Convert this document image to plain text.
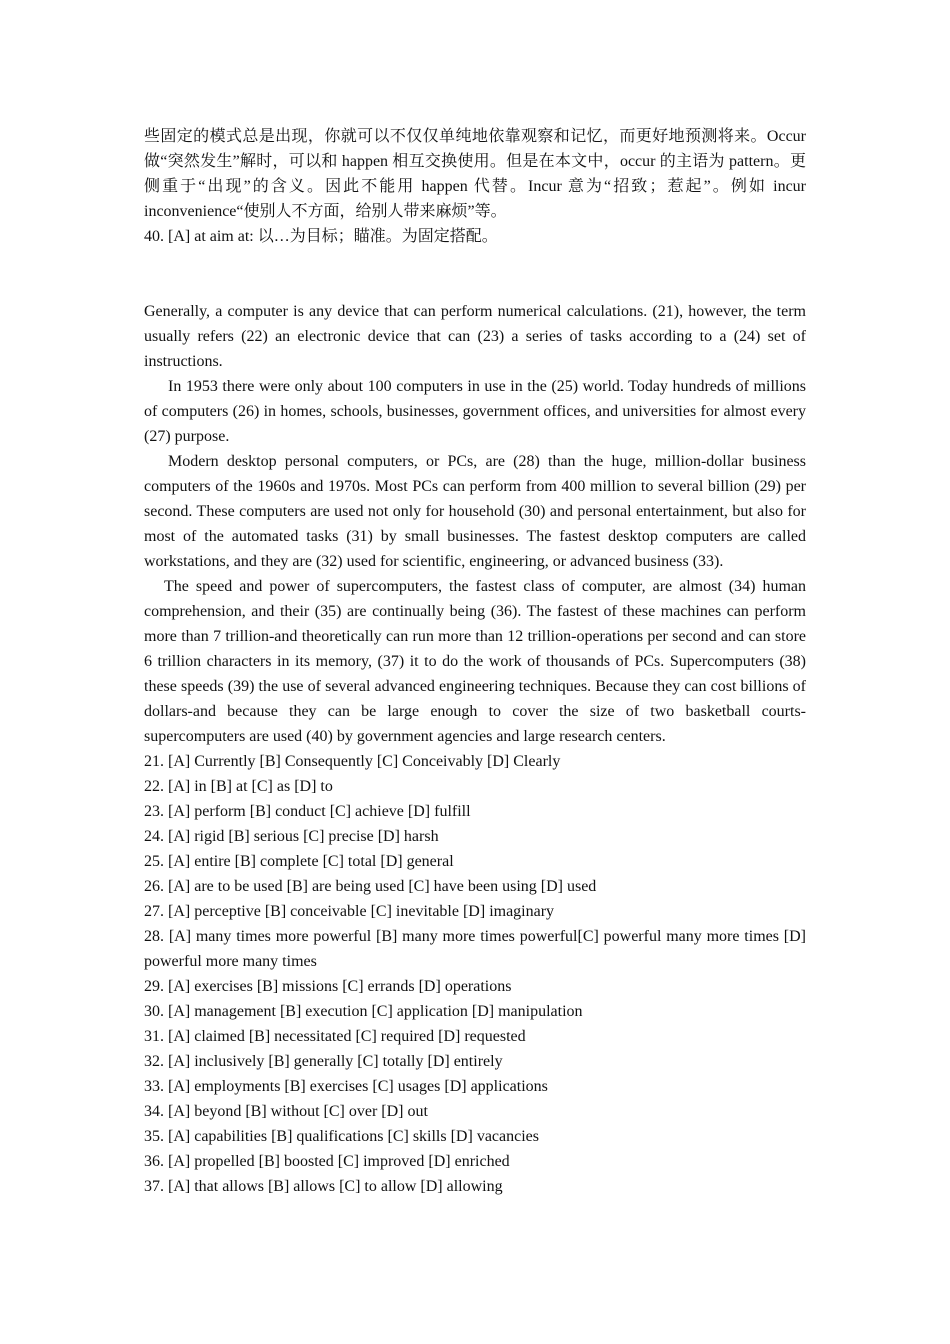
些固定的模式总是出现，你就可以不仅仅单纯地依靠观察和记忆，而更好地预测将来。Occur 做“突然发生”解时，可以和 happen 相互交换使用。但是在本文中，occur 的主语为 pattern。更侧重于“出现”的含义。因此不能用 happen 代替。Incur 意为“招致；惹起”。例如 incur inconvenience“使别人不方面，给别人带来麻烦”等。

40. [A] at aim at: 以…为目标；瞄准。为固定搭配。

Generally, a computer is any device that can perform numerical calculations. (21), however, the term usually refers (22) an electronic device that can (23) a series of tasks according to a (24) set of instructions.

In 1953 there were only about 100 computers in use in the (25) world. Today hundreds of millions of computers (26) in homes, schools, businesses, government offices, and universities for almost every (27) purpose.

Modern desktop personal computers, or PCs, are (28) than the huge, million-dollar business computers of the 1960s and 1970s. Most PCs can perform from 400 million to several billion (29) per second. These computers are used not only for household (30) and personal entertainment, but also for most of the automated tasks (31) by small businesses. The fastest desktop computers are called workstations, and they are (32) used for scientific, engineering, or advanced business (33).

The speed and power of supercomputers, the fastest class of computer, are almost (34) human comprehension, and their (35) are continually being (36). The fastest of these machines can perform more than 7 trillion-and theoretically can run more than 12 trillion-operations per second and can store 6 trillion characters in its memory, (37) it to do the work of thousands of PCs. Supercomputers (38) these speeds (39) the use of several advanced engineering techniques. Because they can cost billions of dollars-and because they can be large enough to cover the size of two basketball courts-supercomputers are used (40) by government agencies and large research centers.

21. [A] Currently [B] Consequently [C] Conceivably [D] Clearly

22. [A] in [B] at [C] as [D] to

23. [A] perform [B] conduct [C] achieve [D] fulfill

24. [A] rigid [B] serious [C] precise [D] harsh

25. [A] entire [B] complete [C] total [D] general

26. [A] are to be used [B] are being used [C] have been using [D] used

27. [A] perceptive [B] conceivable [C] inevitable [D] imaginary

28. [A] many times more powerful [B] many more times powerful[C] powerful many more times [D] powerful more many times

29. [A] exercises [B] missions [C] errands [D] operations

30. [A] management [B] execution [C] application [D] manipulation

31. [A] claimed [B] necessitated [C] required [D] requested

32. [A] inclusively [B] generally [C] totally [D] entirely

33. [A] employments [B] exercises [C] usages [D] applications

34. [A] beyond [B] without [C] over [D] out

35. [A] capabilities [B] qualifications [C] skills [D] vacancies

36. [A] propelled [B] boosted [C] improved [D] enriched

37. [A] that allows [B] allows [C] to allow [D] allowing
